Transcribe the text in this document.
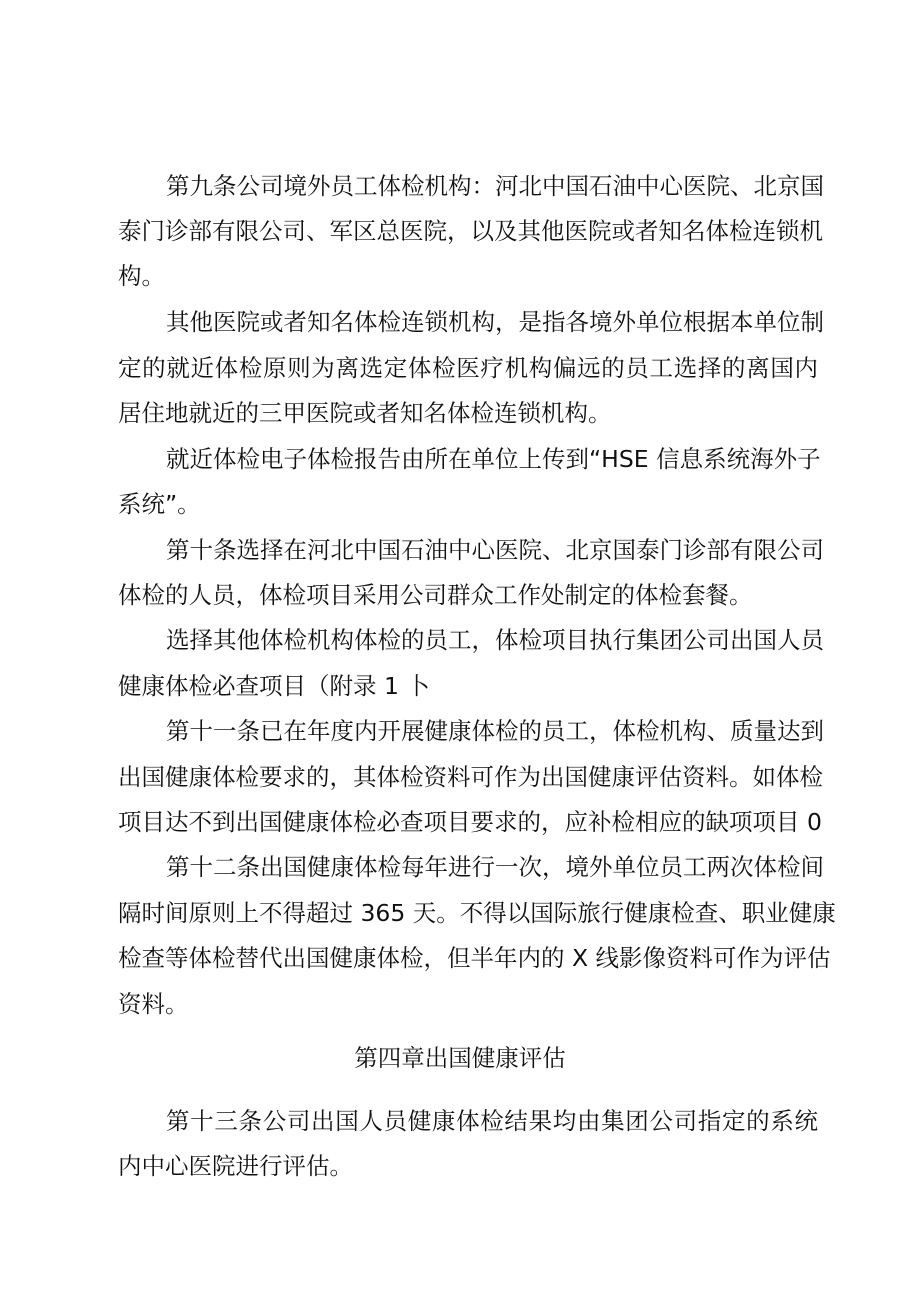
第九条公司境外员工体检机构：河北中国石油中心医院、北京国
泰门诊部有限公司、军区总医院，以及其他医院或者知名体检连锁机
构。
其他医院或者知名体检连锁机构，是指各境外单位根据本单位制
定的就近体检原则为离选定体检医疗机构偏远的员工选择的离国内
居住地就近的三甲医院或者知名体检连锁机构。
就近体检电子体检报告由所在单位上传到“HSE 信息系统海外子
系统”。
第十条选择在河北中国石油中心医院、北京国泰门诊部有限公司
体检的人员，体检项目采用公司群众工作处制定的体检套餐。
选择其他体检机构体检的员工，体检项目执行集团公司出国人员
健康体检必查项目（附录 1 卜
第十一条已在年度内开展健康体检的员工，体检机构、质量达到
出国健康体检要求的，其体检资料可作为出国健康评估资料。如体检
项目达不到出国健康体检必查项目要求的，应补检相应的缺项项目 0
第十二条出国健康体检每年进行一次，境外单位员工两次体检间
隔时间原则上不得超过 365 天。不得以国际旅行健康检查、职业健康
检查等体检替代出国健康体检，但半年内的 X 线影像资料可作为评估
资料。
第四章出国健康评估
第十三条公司出国人员健康体检结果均由集团公司指定的系统
内中心医院进行评估。
